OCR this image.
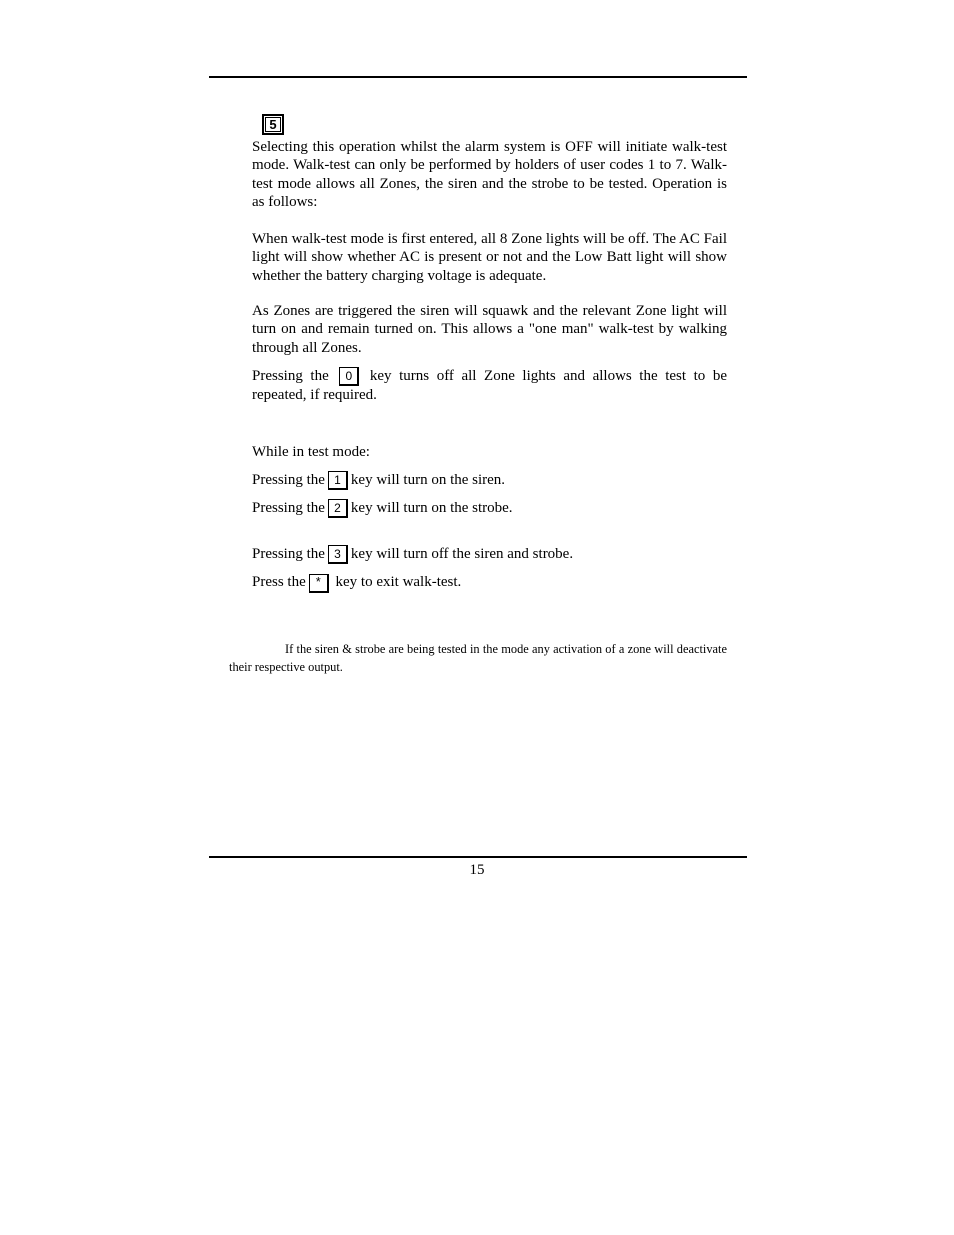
5
Selecting this operation whilst the alarm system is OFF will initiate walk-test mode. Walk-test can only be performed by holders of user codes 1 to 7. Walk-test mode allows all Zones, the siren and the strobe to be tested. Operation is as follows:
When walk-test mode is first entered, all 8 Zone lights will be off. The AC Fail light will show whether AC is present or not and the Low Batt light will show whether the battery charging voltage is adequate.
As Zones are triggered the siren will squawk and the relevant Zone light will turn on and remain turned on. This allows a "one man" walk-test by walking through all Zones.
Pressing the 0 key turns off all Zone lights and allows the test to be repeated, if required.
While in test mode:
Pressing the 1 key will turn on the siren.
Pressing the 2 key will turn on the strobe.
Pressing the 3 key will turn off the siren and strobe.
Press the * key to exit walk-test.
If the siren & strobe are being tested in the mode any activation of a zone will deactivate their respective output.
15
